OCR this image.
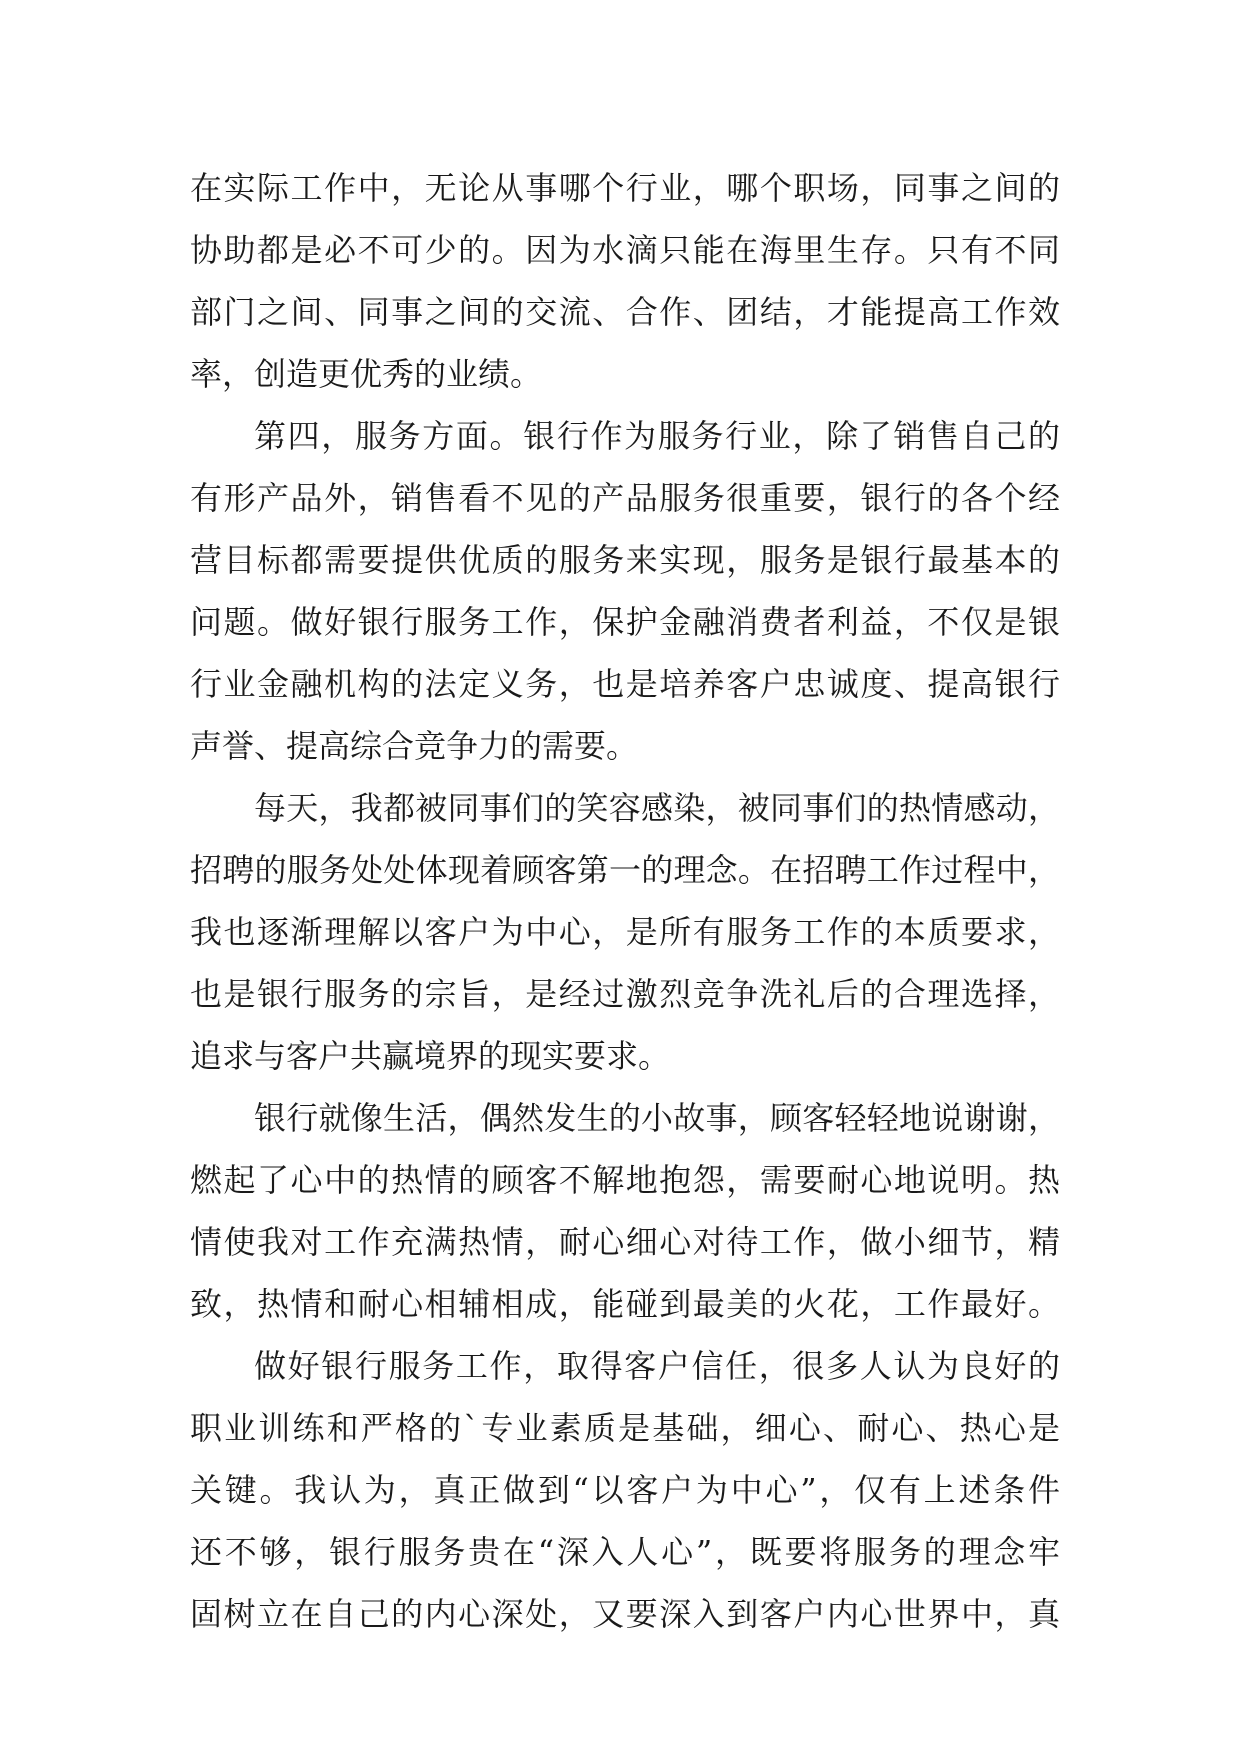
在实际工作中，无论从事哪个行业，哪个职场，同事之间的
协助都是必不可少的。因为水滴只能在海里生存。只有不同
部门之间、同事之间的交流、合作、团结，才能提高工作效
率，创造更优秀的业绩。
第四，服务方面。银行作为服务行业，除了销售自己的
有形产品外，销售看不见的产品服务很重要，银行的各个经
营目标都需要提供优质的服务来实现，服务是银行最基本的
问题。做好银行服务工作，保护金融消费者利益，不仅是银
行业金融机构的法定义务，也是培养客户忠诚度、提高银行
声誉、提高综合竞争力的需要。
每天，我都被同事们的笑容感染，被同事们的热情感动，
招聘的服务处处体现着顾客第一的理念。在招聘工作过程中，
我也逐渐理解以客户为中心，是所有服务工作的本质要求，
也是银行服务的宗旨，是经过激烈竞争洗礼后的合理选择，
追求与客户共赢境界的现实要求。
银行就像生活，偶然发生的小故事，顾客轻轻地说谢谢，
燃起了心中的热情的顾客不解地抱怨，需要耐心地说明。热
情使我对工作充满热情，耐心细心对待工作，做小细节，精
致，热情和耐心相辅相成，能碰到最美的火花，工作最好。
做好银行服务工作，取得客户信任，很多人认为良好的
职业训练和严格的`专业素质是基础，细心、耐心、热心是
关键。我认为，真正做到“以客户为中心”，仅有上述条件
还不够，银行服务贵在“深入人心”，既要将服务的理念牢
固树立在自己的内心深处，又要深入到客户内心世界中，真
